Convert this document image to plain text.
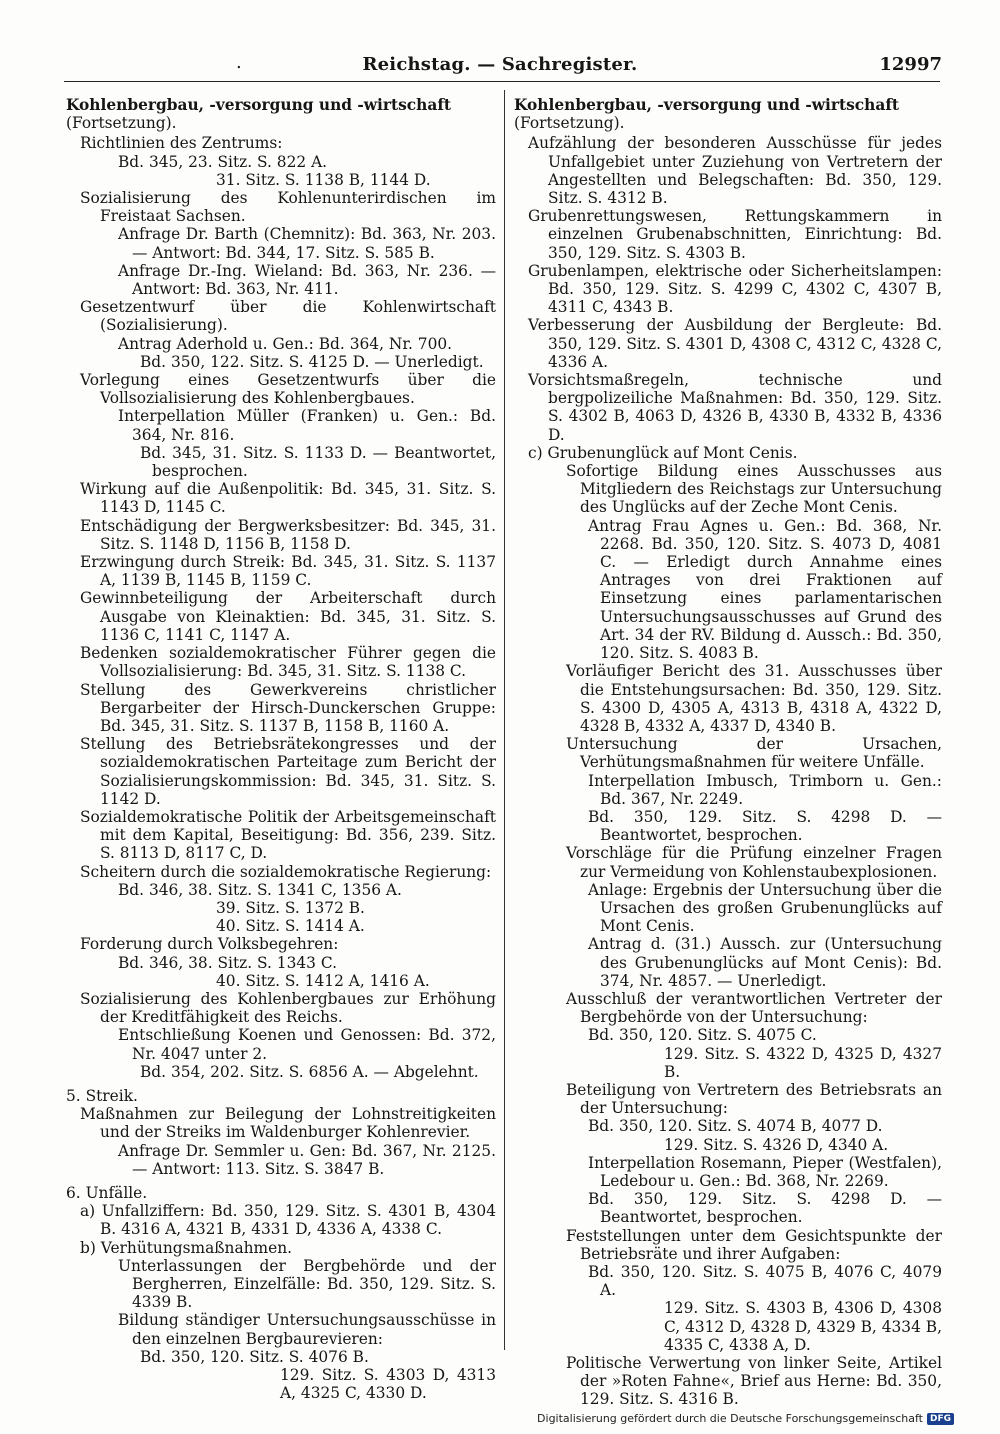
.	Reichstag. — Sachregister.	12997

Kohlenbergbau, -versorgung und -wirtschaft (Fortsetzung).

Richtlinien des Zentrums:

Bd. 345, 23. Sitz. S. 822 A.

31. Sitz. S. 1138 B, 1144 D.

Sozialisierung des Kohlenunterirdischen im Freistaat Sachsen.

Anfrage Dr. Barth (Chemnitz): Bd. 363, Nr. 203. — Antwort: Bd. 344, 17. Sitz. S. 585 B.

Anfrage Dr.-Ing. Wieland: Bd. 363, Nr. 236. — Antwort: Bd. 363, Nr. 411.

Gesetzentwurf über die Kohlenwirtschaft (Sozialisierung).

Antrag Aderhold u. Gen.: Bd. 364, Nr. 700.

Bd. 350, 122. Sitz. S. 4125 D. — Unerledigt.

Vorlegung eines Gesetzentwurfs über die Vollsozialisierung des Kohlenbergbaues.

Interpellation Müller (Franken) u. Gen.: Bd. 364, Nr. 816.

Bd. 345, 31. Sitz. S. 1133 D. — Beantwortet, besprochen.

Wirkung auf die Außenpolitik: Bd. 345, 31. Sitz. S. 1143 D, 1145 C.

Entschädigung der Bergwerksbesitzer: Bd. 345, 31. Sitz. S. 1148 D, 1156 B, 1158 D.

Erzwingung durch Streik: Bd. 345, 31. Sitz. S. 1137 A, 1139 B, 1145 B, 1159 C.

Gewinnbeteiligung der Arbeiterschaft durch Ausgabe von Kleinaktien: Bd. 345, 31. Sitz. S. 1136 C, 1141 C, 1147 A.

Bedenken sozialdemokratischer Führer gegen die Vollsozialisierung: Bd. 345, 31. Sitz. S. 1138 C.

Stellung des Gewerkvereins christlicher Bergarbeiter der Hirsch-Dunckerschen Gruppe: Bd. 345, 31. Sitz. S. 1137 B, 1158 B, 1160 A.

Stellung des Betriebsrätekongresses und der sozialdemokratischen Parteitage zum Bericht der Sozialisierungskommission: Bd. 345, 31. Sitz. S. 1142 D.

Sozialdemokratische Politik der Arbeitsgemeinschaft mit dem Kapital, Beseitigung: Bd. 356, 239. Sitz. S. 8113 D, 8117 C, D.

Scheitern durch die sozialdemokratische Regierung:

Bd. 346, 38. Sitz. S. 1341 C, 1356 A.

39. Sitz. S. 1372 B.

40. Sitz. S. 1414 A.

Forderung durch Volksbegehren:

Bd. 346, 38. Sitz. S. 1343 C.

40. Sitz. S. 1412 A, 1416 A.

Sozialisierung des Kohlenbergbaues zur Erhöhung der Kreditfähigkeit des Reichs.

Entschließung Koenen und Genossen: Bd. 372, Nr. 4047 unter 2.

Bd. 354, 202. Sitz. S. 6856 A. — Abgelehnt.

5. Streik.

Maßnahmen zur Beilegung der Lohnstreitigkeiten und der Streiks im Waldenburger Kohlenrevier.

Anfrage Dr. Semmler u. Gen: Bd. 367, Nr. 2125. — Antwort: 113. Sitz. S. 3847 B.

6. Unfälle.

a) Unfallziffern: Bd. 350, 129. Sitz. S. 4301 B, 4304 B. 4316 A, 4321 B, 4331 D, 4336 A, 4338 C.

b) Verhütungsmaßnahmen.

Unterlassungen der Bergbehörde und der Bergherren, Einzelfälle: Bd. 350, 129. Sitz. S. 4339 B.

Bildung ständiger Untersuchungsausschüsse in den einzelnen Bergbaurevieren:

Bd. 350, 120. Sitz. S. 4076 B.

129. Sitz. S. 4303 D, 4313 A, 4325 C, 4330 D.

Kohlenbergbau, -versorgung und -wirtschaft (Fortsetzung).

Aufzählung der besonderen Ausschüsse für jedes Unfallgebiet unter Zuziehung von Vertretern der Angestellten und Belegschaften: Bd. 350, 129. Sitz. S. 4312 B.

Grubenrettungswesen, Rettungskammern in einzelnen Grubenabschnitten, Einrichtung: Bd. 350, 129. Sitz. S. 4303 B.

Grubenlampen, elektrische oder Sicherheitslampen: Bd. 350, 129. Sitz. S. 4299 C, 4302 C, 4307 B, 4311 C, 4343 B.

Verbesserung der Ausbildung der Bergleute: Bd. 350, 129. Sitz. S. 4301 D, 4308 C, 4312 C, 4328 C, 4336 A.

Vorsichtsmaßregeln, technische und bergpolizeiliche Maßnahmen: Bd. 350, 129. Sitz. S. 4302 B, 4063 D, 4326 B, 4330 B, 4332 B, 4336 D.

c) Grubenunglück auf Mont Cenis.

Sofortige Bildung eines Ausschusses aus Mitgliedern des Reichstags zur Untersuchung des Unglücks auf der Zeche Mont Cenis.

Antrag Frau Agnes u. Gen.: Bd. 368, Nr. 2268. Bd. 350, 120. Sitz. S. 4073 D, 4081 C. — Erledigt durch Annahme eines Antrages von drei Fraktionen auf Einsetzung eines parlamentarischen Untersuchungsausschusses auf Grund des Art. 34 der RV. Bildung d. Aussch.: Bd. 350, 120. Sitz. S. 4083 B.

Vorläufiger Bericht des 31. Ausschusses über die Entstehungsursachen: Bd. 350, 129. Sitz. S. 4300 D, 4305 A, 4313 B, 4318 A, 4322 D, 4328 B, 4332 A, 4337 D, 4340 B.

Untersuchung der Ursachen, Verhütungsmaßnahmen für weitere Unfälle.

Interpellation Imbusch, Trimborn u. Gen.: Bd. 367, Nr. 2249.

Bd. 350, 129. Sitz. S. 4298 D. — Beantwortet, besprochen.

Vorschläge für die Prüfung einzelner Fragen zur Vermeidung von Kohlenstaubexplosionen.

Anlage: Ergebnis der Untersuchung über die Ursachen des großen Grubenunglücks auf Mont Cenis.

Antrag d. (31.) Aussch. zur (Untersuchung des Grubenunglücks auf Mont Cenis): Bd. 374, Nr. 4857. — Unerledigt.

Ausschluß der verantwortlichen Vertreter der Bergbehörde von der Untersuchung:

Bd. 350, 120. Sitz. S. 4075 C.

129. Sitz. S. 4322 D, 4325 D, 4327 B.

Beteiligung von Vertretern des Betriebsrats an der Untersuchung:

Bd. 350, 120. Sitz. S. 4074 B, 4077 D.

129. Sitz. S. 4326 D, 4340 A.

Interpellation Rosemann, Pieper (Westfalen), Ledebour u. Gen.: Bd. 368, Nr. 2269.

Bd. 350, 129. Sitz. S. 4298 D. — Beantwortet, besprochen.

Feststellungen unter dem Gesichtspunkte der Betriebsräte und ihrer Aufgaben:

Bd. 350, 120. Sitz. S. 4075 B, 4076 C, 4079 A.

129. Sitz. S. 4303 B, 4306 D, 4308 C, 4312 D, 4328 D, 4329 B, 4334 B, 4335 C, 4338 A, D.

Politische Verwertung von linker Seite, Artikel der »Roten Fahne«, Brief aus Herne: Bd. 350, 129. Sitz. S. 4316 B.

Digitalisierung gefördert durch die Deutsche Forschungsgemeinschaft DFG
